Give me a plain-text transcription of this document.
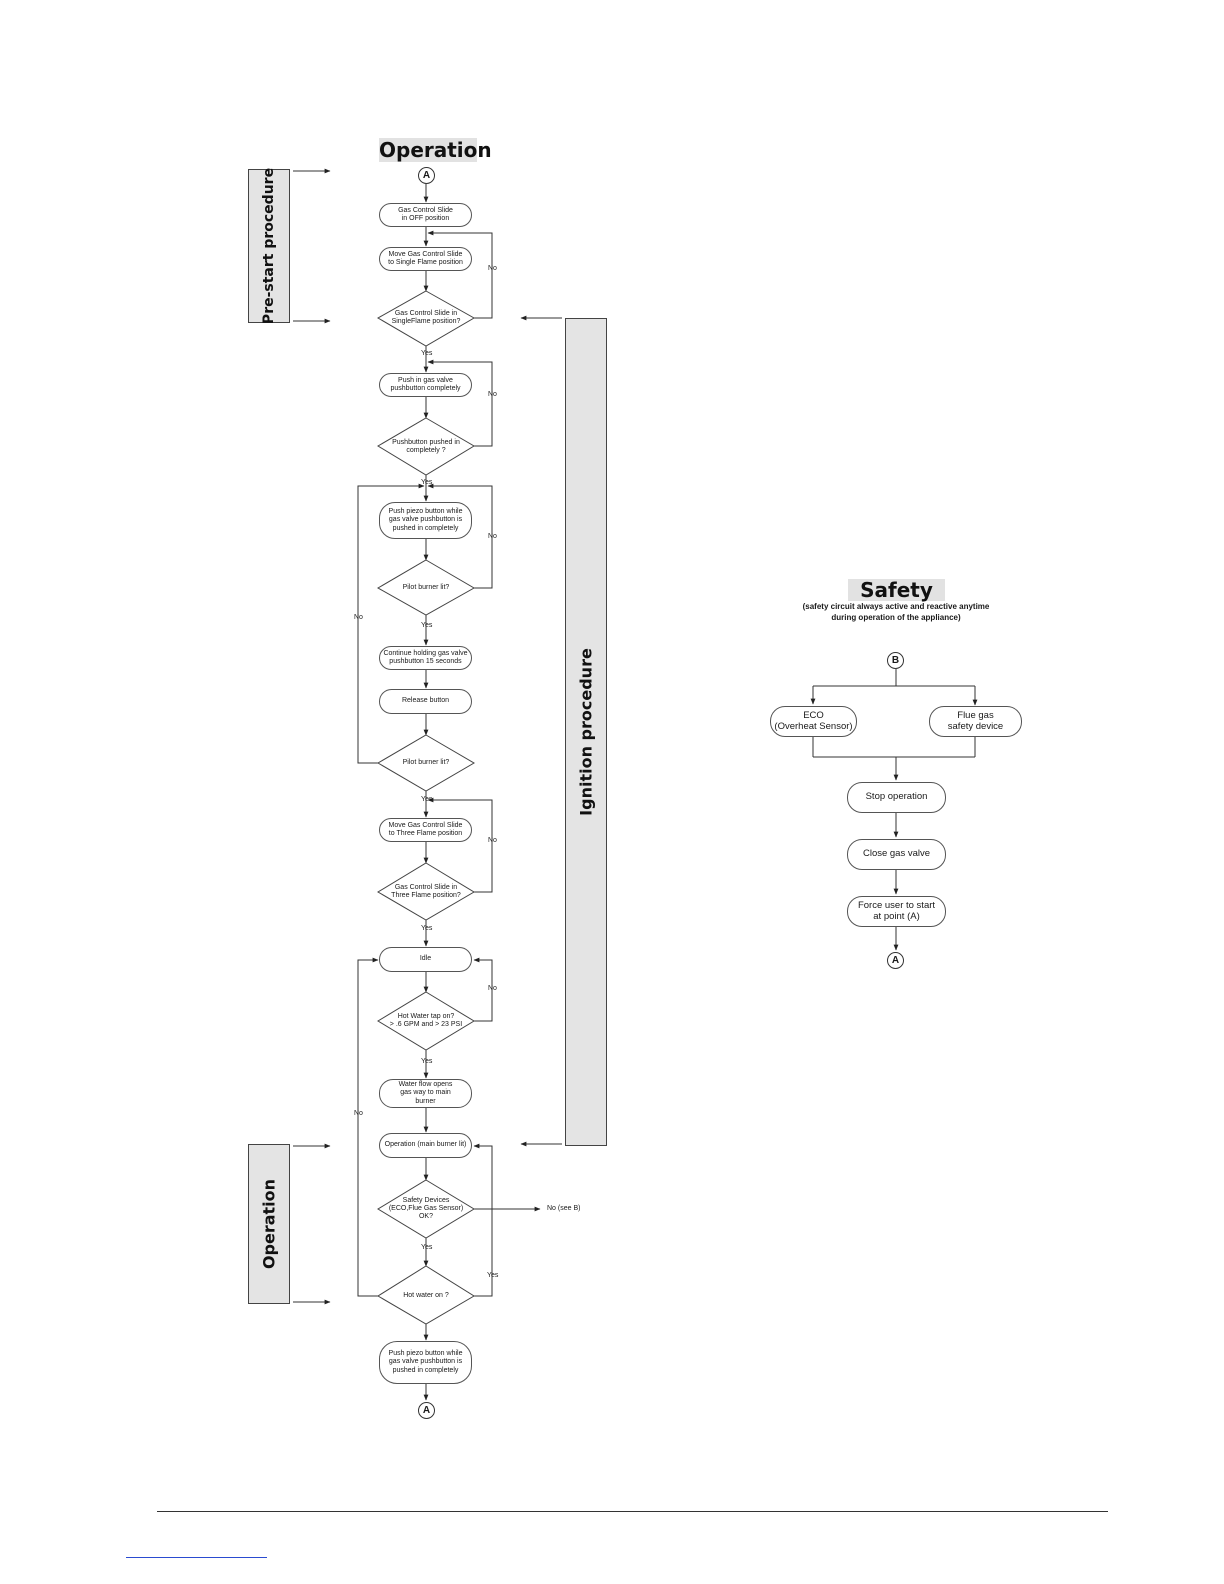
Operation
Safety
(safety circuit always active and reactive anytime
during operation of the appliance)
Pre-start procedure
Ignition procedure
Operation
A
Gas Control Slide
in OFF position
Move Gas Control Slide
to Single Flame position
Gas Control Slide in
SingleFlame position?
Push in gas valve
pushbutton completely
Pushbutton pushed in
completely ?
Push piezo button while
gas valve pushbutton is
pushed in completely
Pilot burner lit?
Continue holding gas valve
pushbutton 15 seconds
Release button
Pilot burner lit?
Move Gas Control Slide
to Three Flame position
Gas Control Slide in
Three Flame position?
Idle
Hot Water tap on?
> .6 GPM and > 23 PSI
Water flow opens
gas way to main
burner
Operation (main burner lit)
Safety Devices
(ECO,Flue Gas Sensor)
OK?
Hot water on ?
Push piezo button while
gas valve pushbutton is
pushed in completely
A
Yes
Yes
Yes
Yes
Yes
Yes
Yes
Yes
No
No
No
No
No
No
No
No (see B)
B
ECO
(Overheat Sensor)
Flue gas
safety device
Stop operation
Close gas valve
Force user to start
at point (A)
A
